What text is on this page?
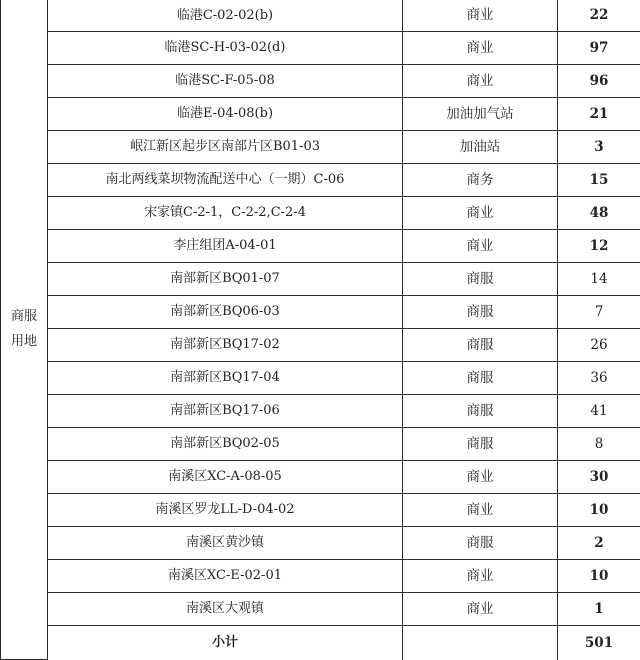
商服
用地	临港C-02-02(b)	商业	22
	临港SC-H-03-02(d)	商业	97
	临港SC-F-05-08	商业	96
	临港E-04-08(b)	加油加气站	21
	岷江新区起步区南部片区B01-03	加油站	3
	南北两线菜坝物流配送中心（一期）C-06	商务	15
	宋家镇C-2-1，C-2-2,C-2-4	商业	48
	李庄组团A-04-01	商业	12
	南部新区BQ01-07	商服	14
	南部新区BQ06-03	商服	7
	南部新区BQ17-02	商服	26
	南部新区BQ17-04	商服	36
	南部新区BQ17-06	商服	41
	南部新区BQ02-05	商服	8
	南溪区XC-A-08-05	商业	30
	南溪区罗龙LL-D-04-02	商业	10
	南溪区黄沙镇	商服	2
	南溪区XC-E-02-01	商业	10
	南溪区大观镇	商业	1
	小计		501
